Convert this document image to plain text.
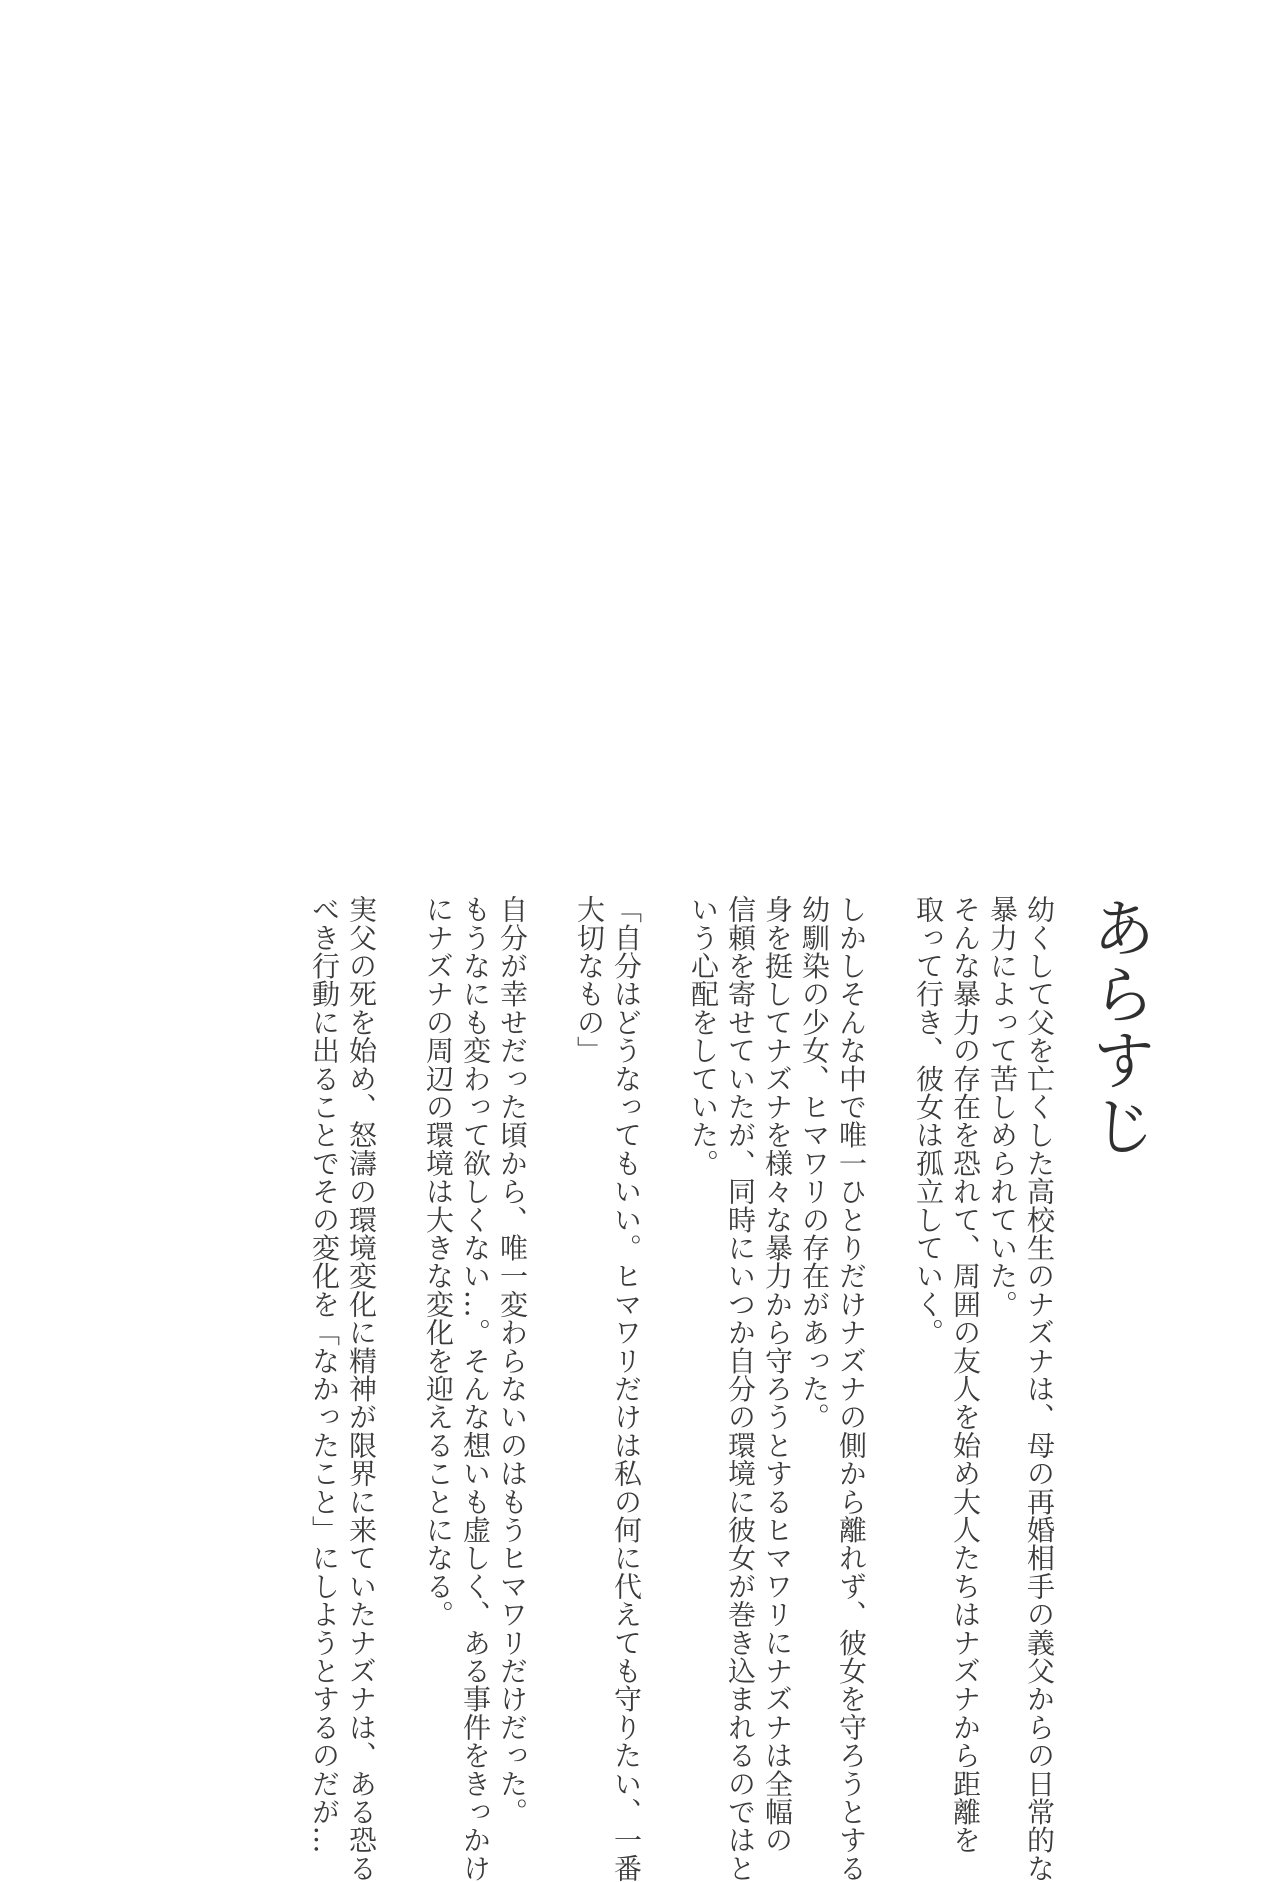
あらすじ
幼くして父を亡くした高校生のナズナは、母の再婚相手の義父からの日常的な
暴力によって苦しめられていた。
そんな暴力の存在を恐れて、周囲の友人を始め大人たちはナズナから距離を
取って行き、彼女は孤立していく。
しかしそんな中で唯一ひとりだけナズナの側から離れず、彼女を守ろうとする
幼馴染の少女、ヒマワリの存在があった。
身を挺してナズナを様々な暴力から守ろうとするヒマワリにナズナは全幅の
信頼を寄せていたが、同時にいつか自分の環境に彼女が巻き込まれるのではと
いう心配をしていた。
「自分はどうなってもいい。ヒマワリだけは私の何に代えても守りたい、一番
大切なもの」
自分が幸せだった頃から、唯一変わらないのはもうヒマワリだけだった。
もうなにも変わって欲しくない…。そんな想いも虚しく、ある事件をきっかけ
にナズナの周辺の環境は大きな変化を迎えることになる。
実父の死を始め、怒濤の環境変化に精神が限界に来ていたナズナは、ある恐る
べき行動に出ることでその変化を「なかったこと」にしようとするのだが…
